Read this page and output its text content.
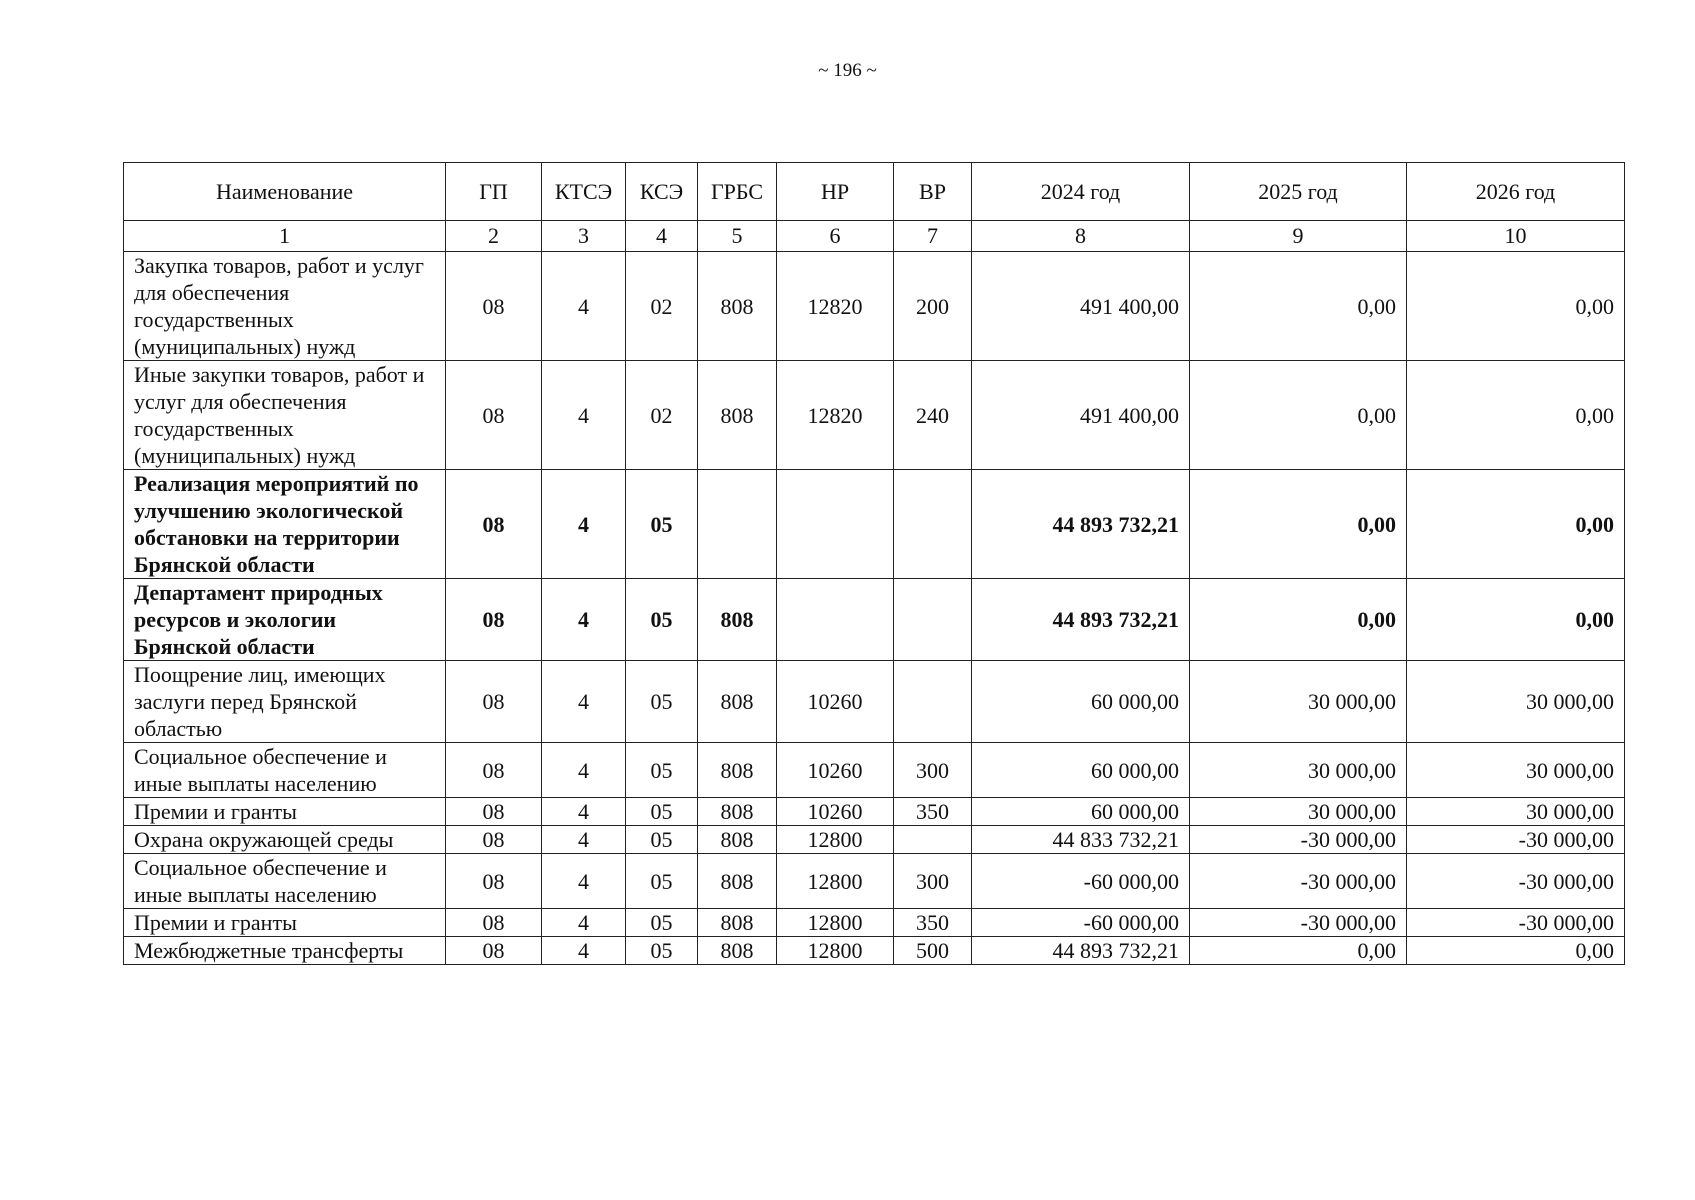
~ 196 ~
Наименование	ГП	КТСЭ	КСЭ	ГРБС	НР	ВР	2024 год	2025 год	2026 год
1	2	3	4	5	6	7	8	9	10
Закупка товаров, работ и услуг для обеспечения государственных (муниципальных) нужд	08	4	02	808	12820	200	491 400,00	0,00	0,00
Иные закупки товаров, работ и услуг для обеспечения государственных (муниципальных) нужд	08	4	02	808	12820	240	491 400,00	0,00	0,00
Реализация мероприятий по улучшению экологической обстановки на территории Брянской области	08	4	05				44 893 732,21	0,00	0,00
Департамент природных ресурсов и экологии Брянской области	08	4	05	808			44 893 732,21	0,00	0,00
Поощрение лиц, имеющих заслуги перед Брянской областью	08	4	05	808	10260		60 000,00	30 000,00	30 000,00
Социальное обеспечение и иные выплаты населению	08	4	05	808	10260	300	60 000,00	30 000,00	30 000,00
Премии и гранты	08	4	05	808	10260	350	60 000,00	30 000,00	30 000,00
Охрана окружающей среды	08	4	05	808	12800		44 833 732,21	-30 000,00	-30 000,00
Социальное обеспечение и иные выплаты населению	08	4	05	808	12800	300	-60 000,00	-30 000,00	-30 000,00
Премии и гранты	08	4	05	808	12800	350	-60 000,00	-30 000,00	-30 000,00
Межбюджетные трансферты	08	4	05	808	12800	500	44 893 732,21	0,00	0,00
